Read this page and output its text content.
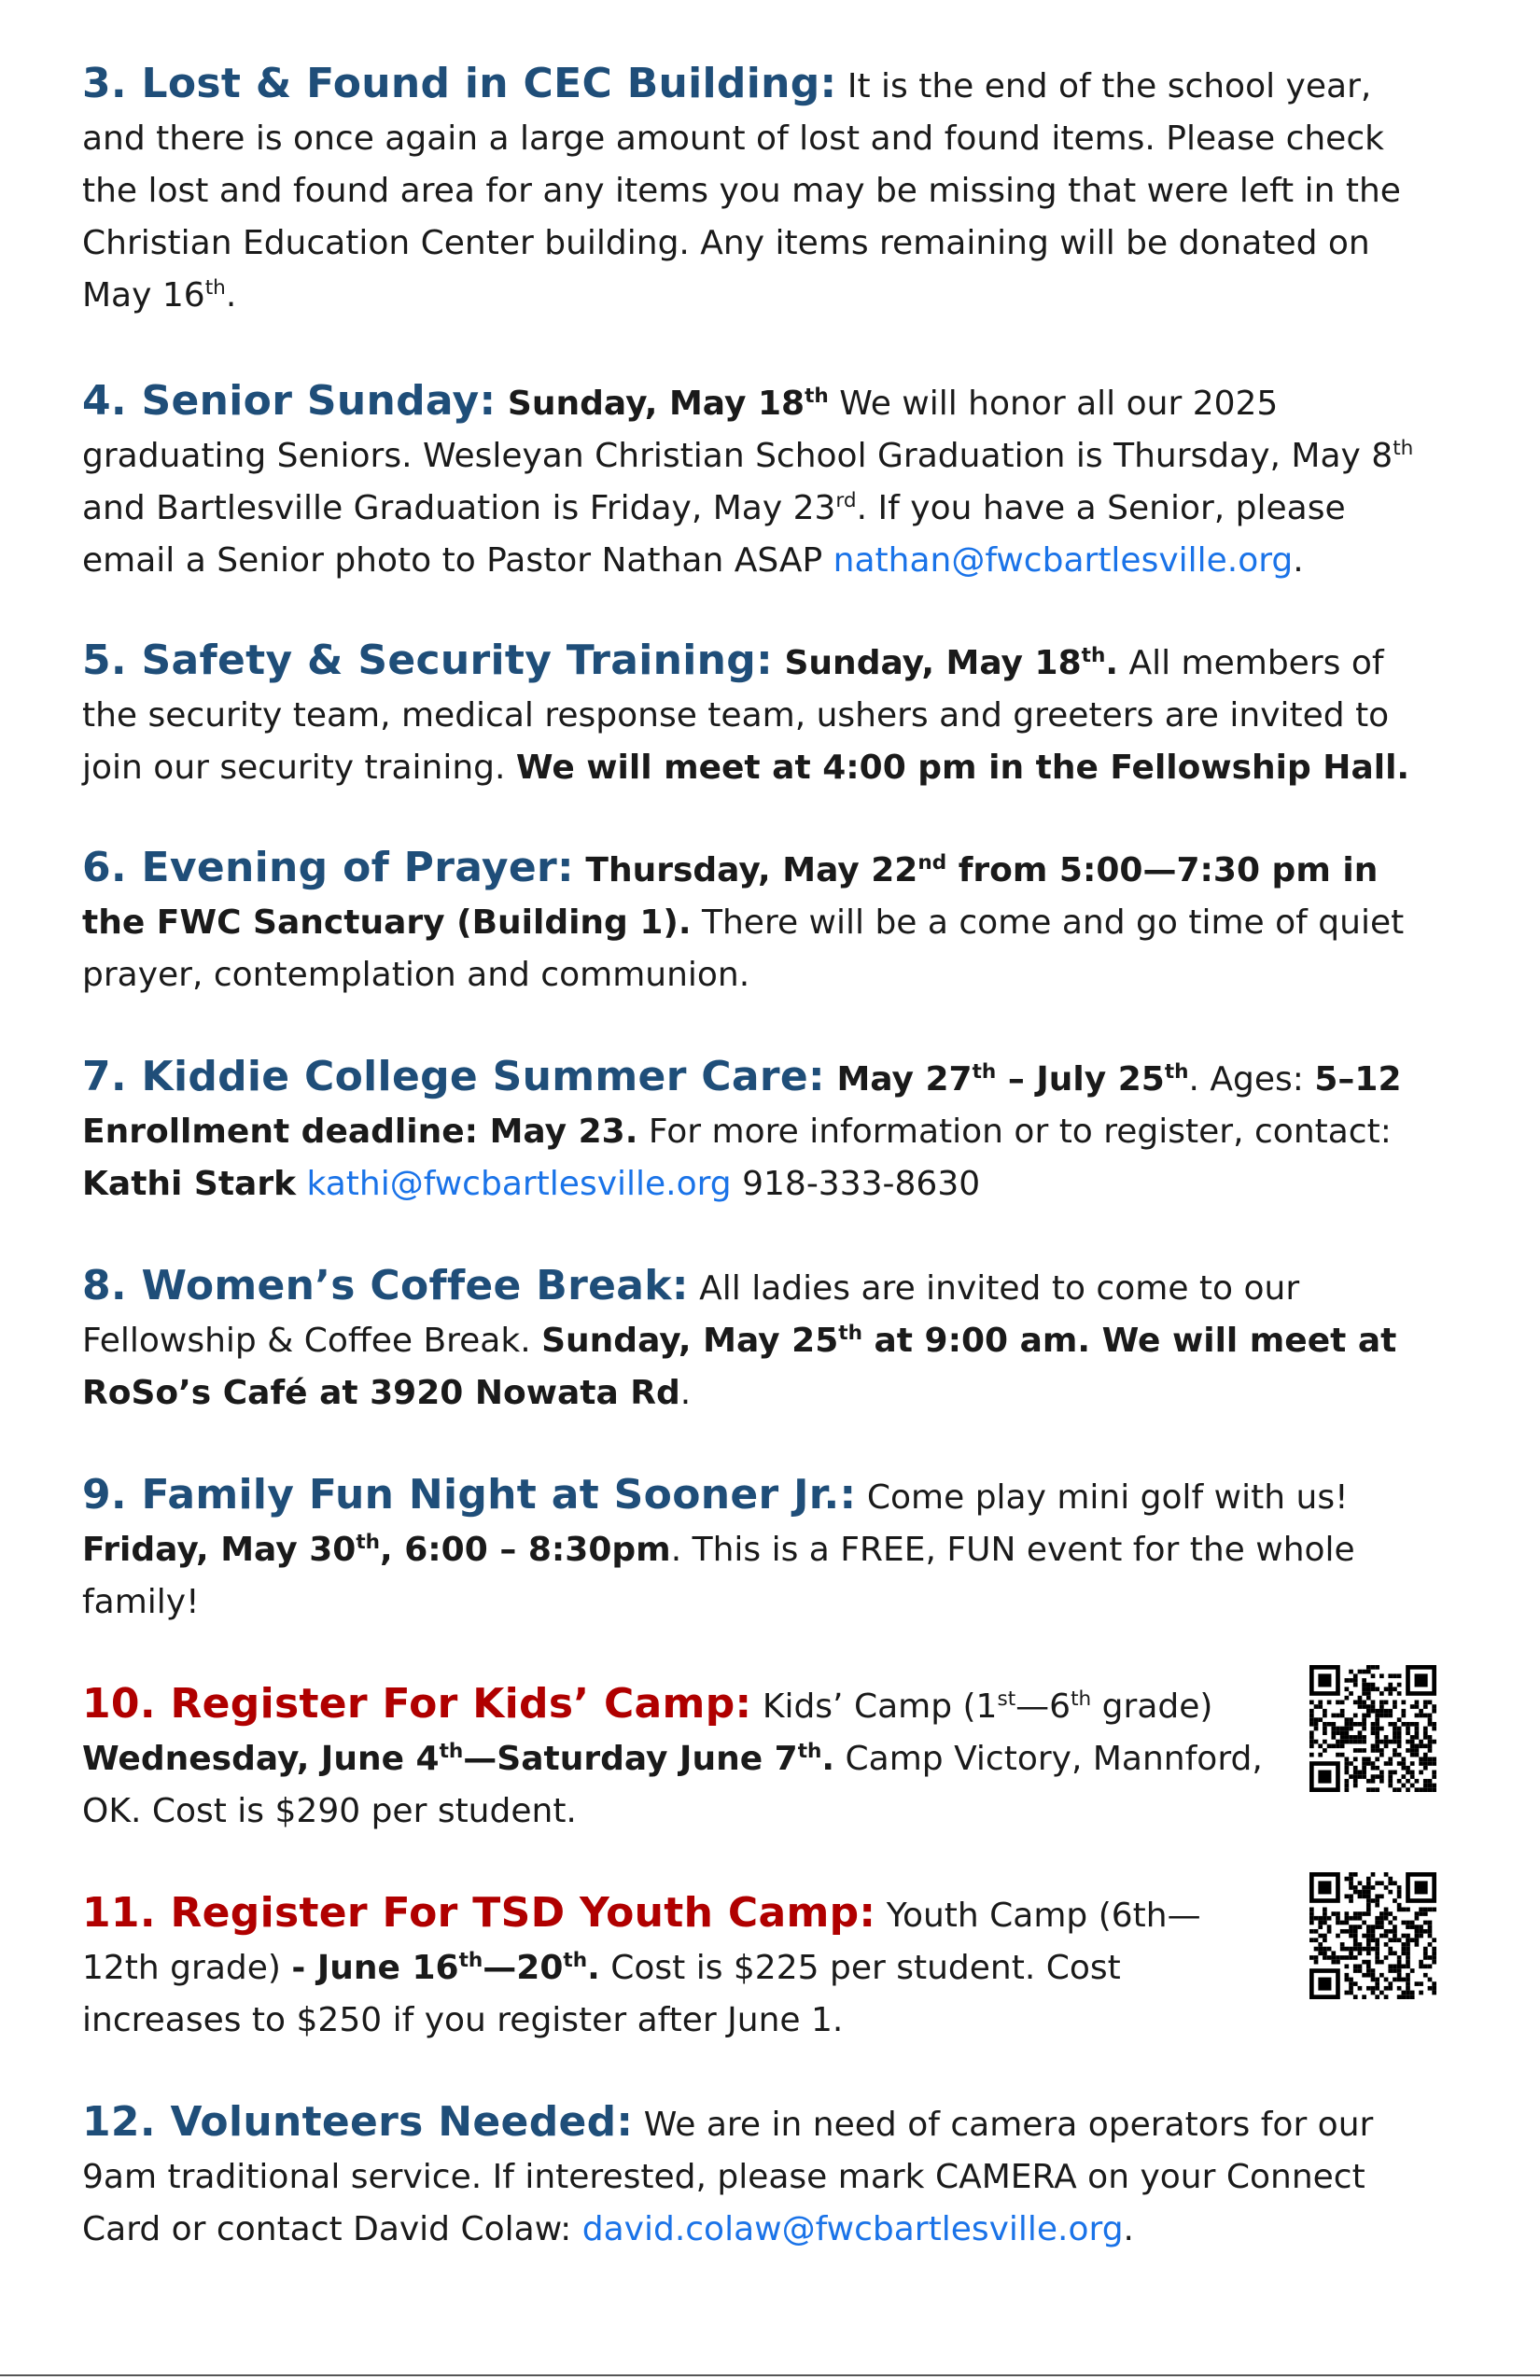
3. Lost & Found in CEC Building: It is the end of the school year, and there is once again a large amount of lost and found items. Please check the lost and found area for any items you may be missing that were left in the Christian Education Center building. Any items remaining will be donated on May 16th.

4. Senior Sunday: Sunday, May 18th We will honor all our 2025 graduating Seniors. Wesleyan Christian School Graduation is Thursday, May 8th and Bartlesville Graduation is Friday, May 23rd. If you have a Senior, please email a Senior photo to Pastor Nathan ASAP nathan@fwcbartlesville.org.

5. Safety & Security Training: Sunday, May 18th. All members of the security team, medical response team, ushers and greeters are invited to join our security training. We will meet at 4:00 pm in the Fellowship Hall.

6. Evening of Prayer: Thursday, May 22nd from 5:00—7:30 pm in the FWC Sanctuary (Building 1). There will be a come and go time of quiet prayer, contemplation and communion.

7. Kiddie College Summer Care: May 27th – July 25th. Ages: 5–12 Enrollment deadline: May 23. For more information or to register, contact: Kathi Stark kathi@fwcbartlesville.org 918-333-8630

8. Women’s Coffee Break: All ladies are invited to come to our Fellowship & Coffee Break. Sunday, May 25th at 9:00 am. We will meet at RoSo’s Café at 3920 Nowata Rd.

9. Family Fun Night at Sooner Jr.: Come play mini golf with us! Friday, May 30th, 6:00 – 8:30pm. This is a FREE, FUN event for the whole family!

10. Register For Kids’ Camp: Kids’ Camp (1st—6th grade) Wednesday, June 4th—Saturday June 7th. Camp Victory, Mannford, OK. Cost is $290 per student.

11. Register For TSD Youth Camp: Youth Camp (6th—12th grade) - June 16th—20th. Cost is $225 per student. Cost increases to $250 if you register after June 1.

12. Volunteers Needed: We are in need of camera operators for our 9am traditional service. If interested, please mark CAMERA on your Connect Card or contact David Colaw: david.colaw@fwcbartlesville.org.
